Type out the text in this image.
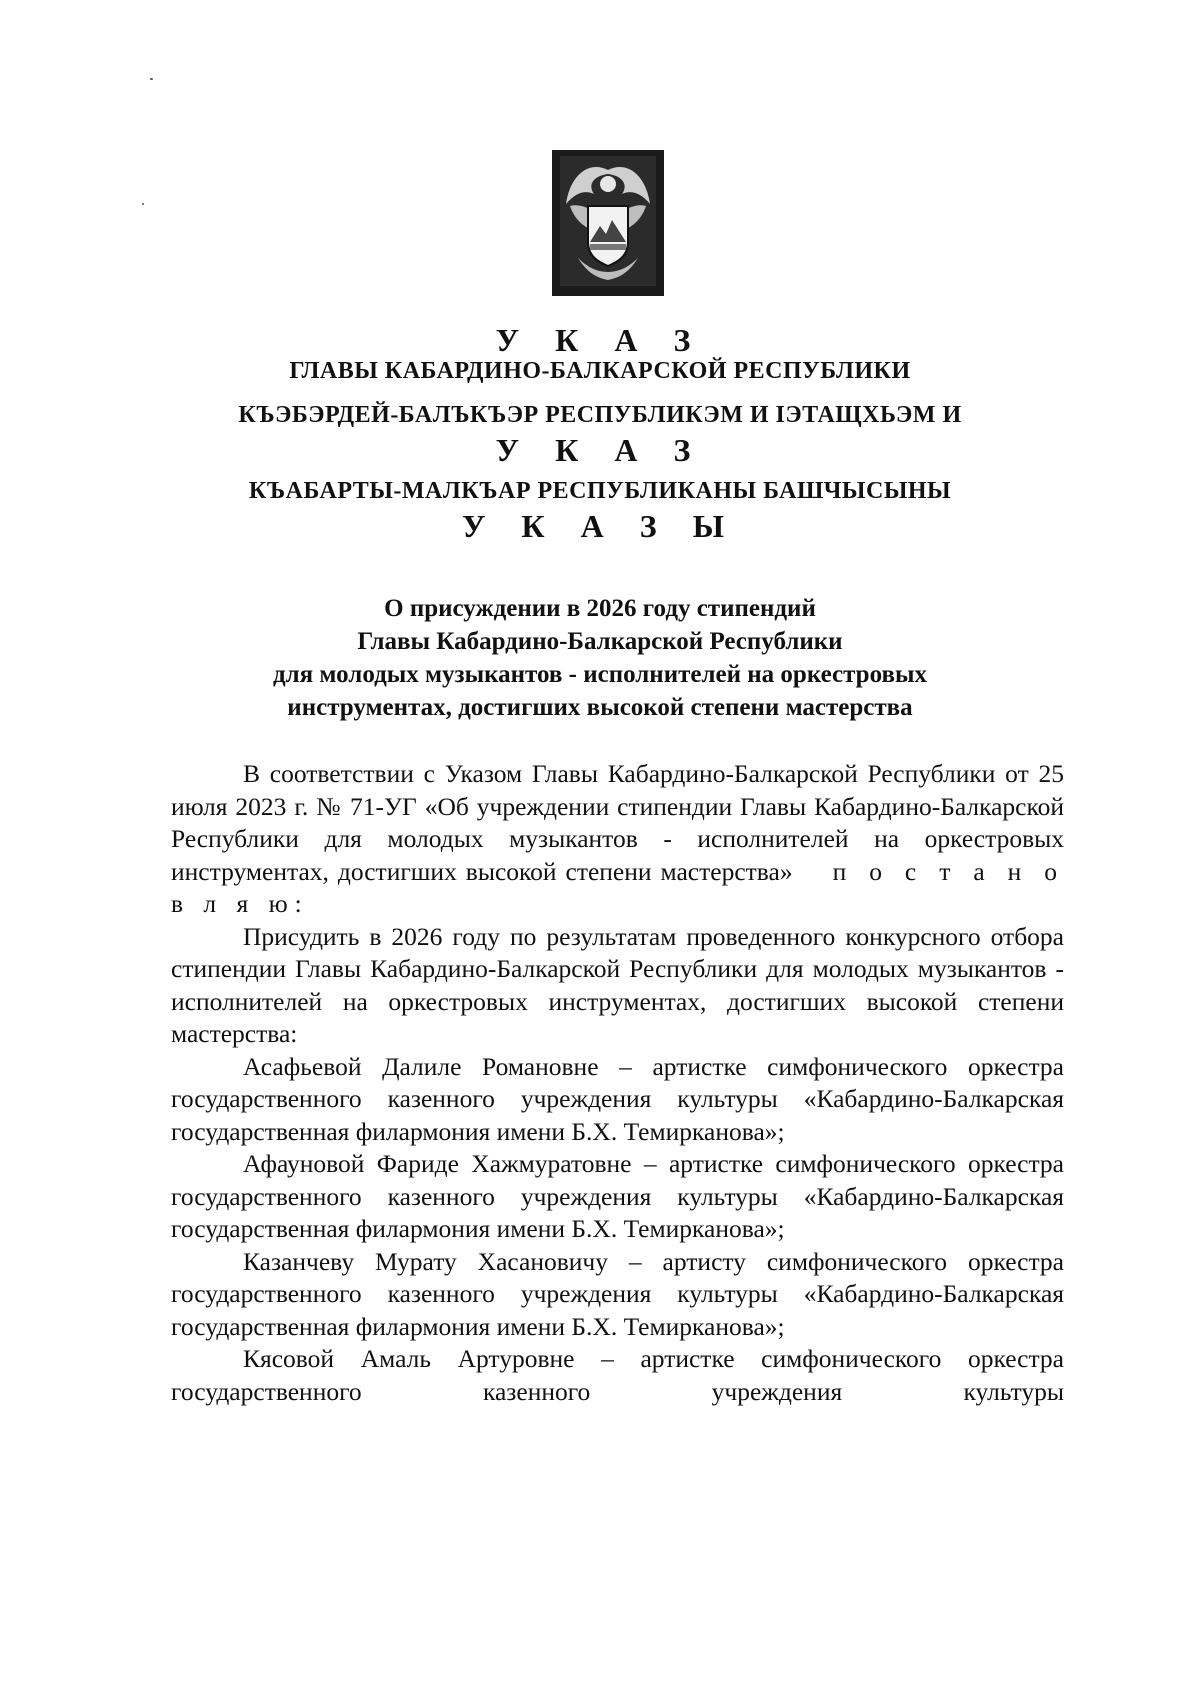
У К А З
ГЛАВЫ КАБАРДИНО-БАЛКАРСКОЙ РЕСПУБЛИКИ
КЪЭБЭРДЕЙ-БАЛЪКЪЭР РЕСПУБЛИКЭМ И IЭТАЩХЬЭМ И
У К А З
КЪАБАРТЫ-МАЛКЪАР РЕСПУБЛИКАНЫ БАШЧЫСЫНЫ
У К А З Ы
О присуждении в 2026 году стипендий
Главы Кабардино-Балкарской Республики
для молодых музыкантов - исполнителей на оркестровых
инструментах, достигших высокой степени мастерства

В соответствии с Указом Главы Кабардино-Балкарской Республики от 25 июля 2023 г. № 71-УГ «Об учреждении стипендии Главы Кабардино-Балкарской Республики для молодых музыкантов - исполнителей на оркестровых инструментах, достигших высокой степени мастерства» п о с т а н о в л я ю:

Присудить в 2026 году по результатам проведенного конкурсного отбора стипендии Главы Кабардино-Балкарской Республики для молодых музыкантов - исполнителей на оркестровых инструментах, достигших высокой степени мастерства:

Асафьевой Далиле Романовне – артистке симфонического оркестра государственного казенного учреждения культуры «Кабардино-Балкарская государственная филармония имени Б.Х. Темирканова»;

Афауновой Фариде Хажмуратовне – артистке симфонического оркестра государственного казенного учреждения культуры «Кабардино-Балкарская государственная филармония имени Б.Х. Темирканова»;

Казанчеву Мурату Хасановичу – артисту симфонического оркестра государственного казенного учреждения культуры «Кабардино-Балкарская государственная филармония имени Б.Х. Темирканова»;

Кясовой Амаль Артуровне – артистке симфонического оркестра государственного казенного учреждения культуры
